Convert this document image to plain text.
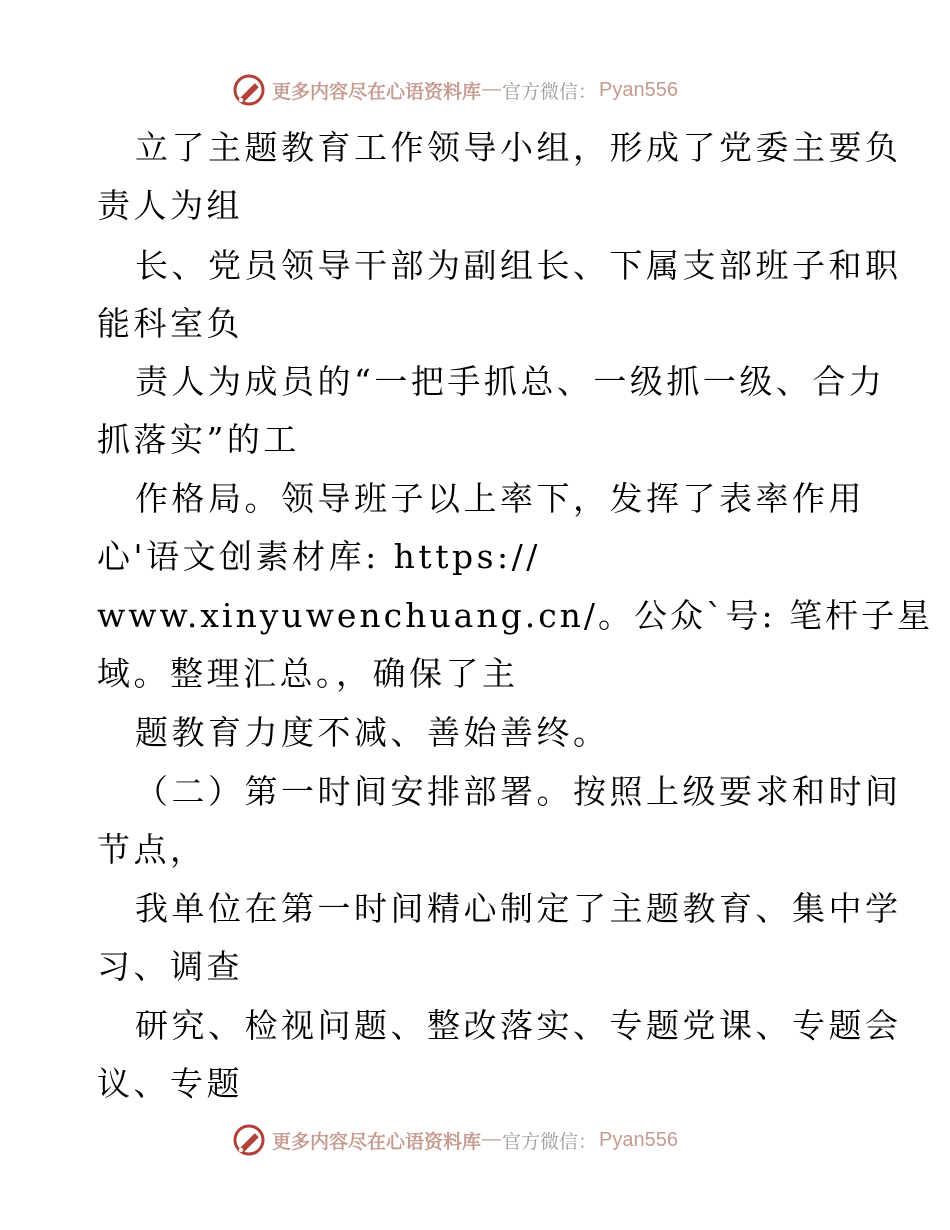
更多内容尽在心语资料库 — 官方微信： Pyan556
立了主题教育工作领导小组，形成了党委主要负
责人为组
长、党员领导干部为副组长、下属支部班子和职
能科室负
责人为成员的“一把手抓总、一级抓一级、合力
抓落实”的工
作格局。领导班子以上率下，发挥了表率作用
心'语文创素材库: https://
www.xinyuwenchuang.cn/。公众`号: 笔杆子星
域。整理汇总。，确保了主
题教育力度不减、善始善终。
（二）第一时间安排部署。按照上级要求和时间
节点，
我单位在第一时间精心制定了主题教育、集中学
习、调查
研究、检视问题、整改落实、专题党课、专题会
议、专题
更多内容尽在心语资料库 — 官方微信： Pyan556
